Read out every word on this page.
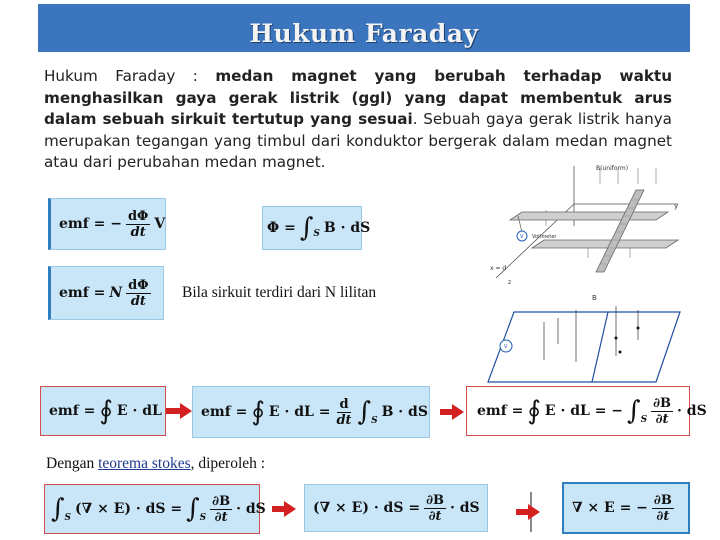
Hukum Faraday
Hukum Faraday : medan magnet yang berubah terhadap waktu menghasilkan gaya gerak listrik (ggl) yang dapat membentuk arus dalam sebuah sirkuit tertutup yang sesuai. Sebuah gaya gerak listrik hanya merupakan tegangan yang timbul dari konduktor bergerak dalam medan magnet atau dari perubahan medan magnet.
emf = − $\frac{d\Phi}{dt}$ V	Φ = ∫ S B · dS
emf = N $\frac{d\Phi}{dt}$ Bila sirkuit terdiri dari N lilitan
B(uniform)
y
x = d
z
V Voltmeter
B
V
emf = ∮ E · dL	emf = ∮ E · dL = $\frac{d}{dt}$ ∫ S
B · dS	emf = ∮ E · dL = − ∫ S $\frac{\partial B}{\partial t}$ · dS
Dengan teorema stokes, diperoleh :
∫ S
(∇ × E) · dS = ∫ S $\frac{\partial B}{\partial t}$ · dS	(∇ × E) · dS = $\frac{\partial B}{\partial t}$ · dS	∇ × E = − $\frac{\partial B}{\partial t}$
